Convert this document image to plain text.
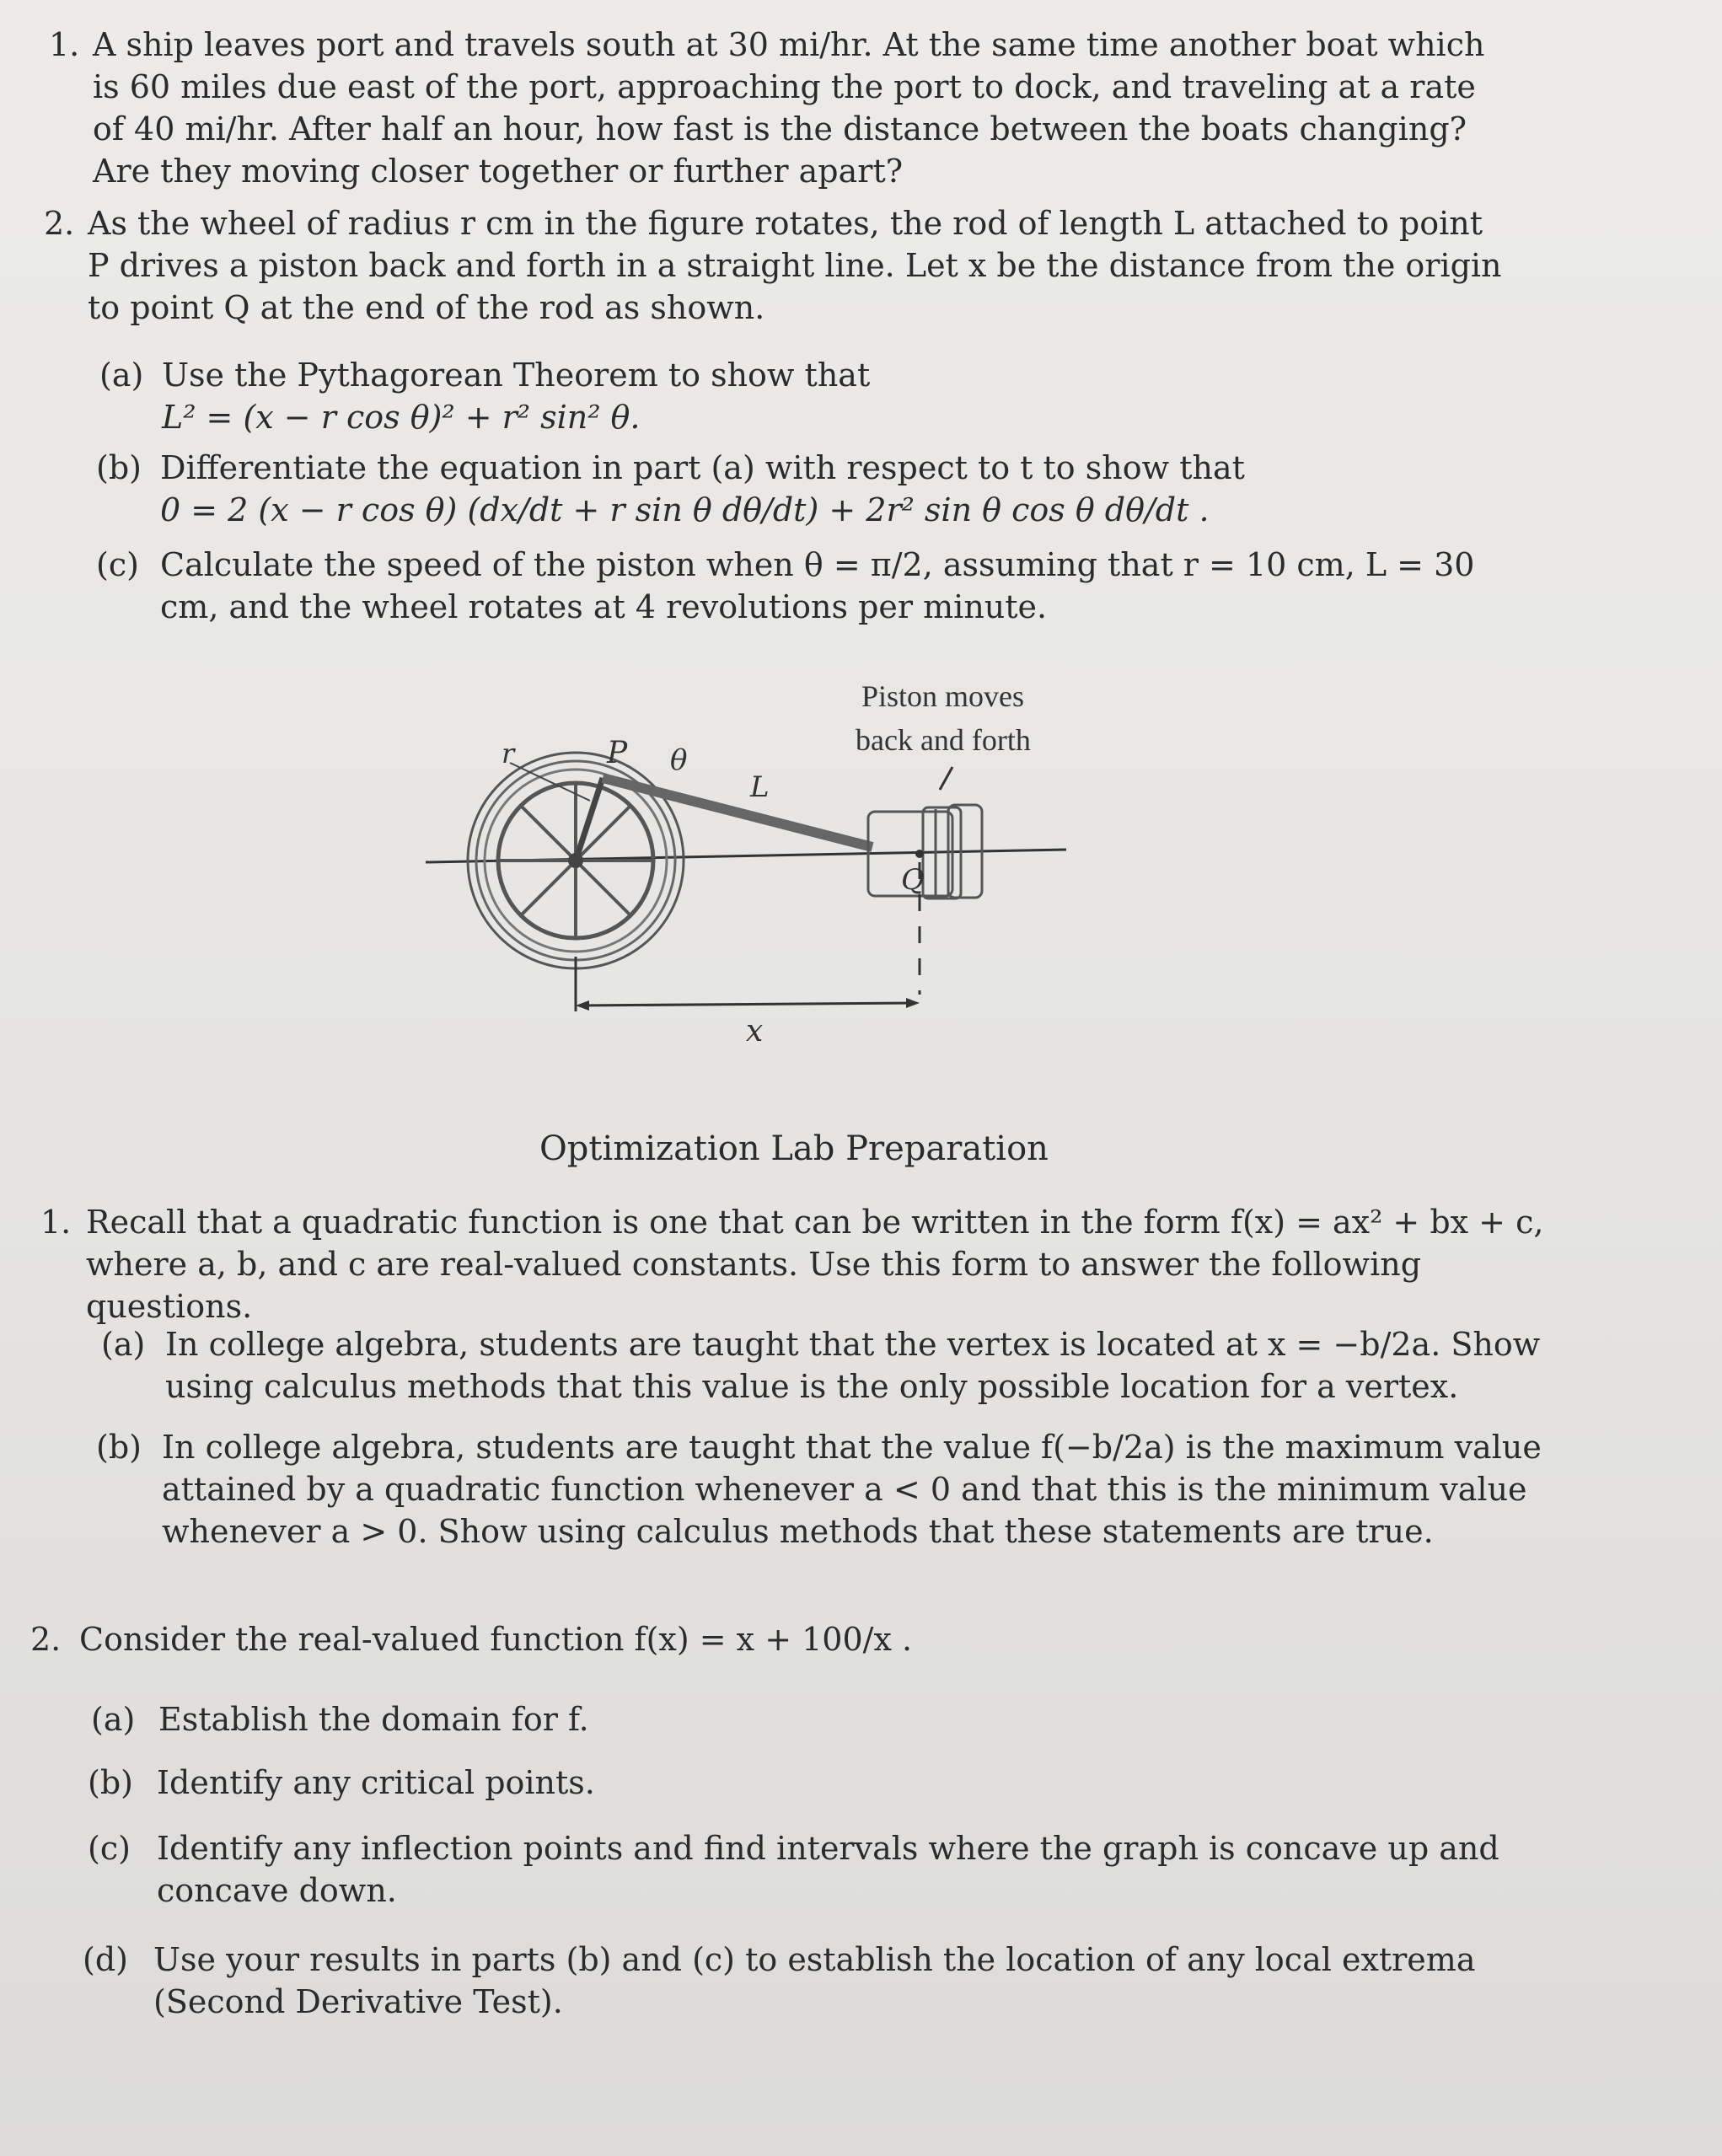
1. A ship leaves port and travels south at 30 mi/hr. At the same time another boat which is 60 miles due east of the port, approaching the port to dock, and traveling at a rate of 40 mi/hr. After half an hour, how fast is the distance between the boats changing? Are they moving closer together or further apart?
2. As the wheel of radius r cm in the figure rotates, the rod of length L attached to point P drives a piston back and forth in a straight line. Let x be the distance from the origin to point Q at the end of the rod as shown.
(a) Use the Pythagorean Theorem to show that
L² = (x − r cos θ)² + r² sin² θ.
(b) Differentiate the equation in part (a) with respect to t to show that
0 = 2 (x − r cos θ) (dx/dt + r sin θ dθ/dt) + 2r² sin θ cos θ dθ/dt .
(c) Calculate the speed of the piston when θ = π/2, assuming that r = 10 cm, L = 30 cm, and the wheel rotates at 4 revolutions per minute.
r	P θ
L
Q
x
Piston moves
back and forth
Optimization Lab Preparation
1. Recall that a quadratic function is one that can be written in the form f(x) = ax² + bx + c, where a, b, and c are real-valued constants. Use this form to answer the following questions.
(a) In college algebra, students are taught that the vertex is located at x = −b/2a. Show using calculus methods that this value is the only possible location for a vertex.
(b) In college algebra, students are taught that the value f(−b/2a) is the maximum value attained by a quadratic function whenever a < 0 and that this is the minimum value whenever a > 0. Show using calculus methods that these statements are true.
2. Consider the real-valued function f(x) = x + 100/x .
(a) Establish the domain for f.
(b) Identify any critical points.
(c) Identify any inflection points and find intervals where the graph is concave up and concave down.
(d) Use your results in parts (b) and (c) to establish the location of any local extrema (Second Derivative Test).
